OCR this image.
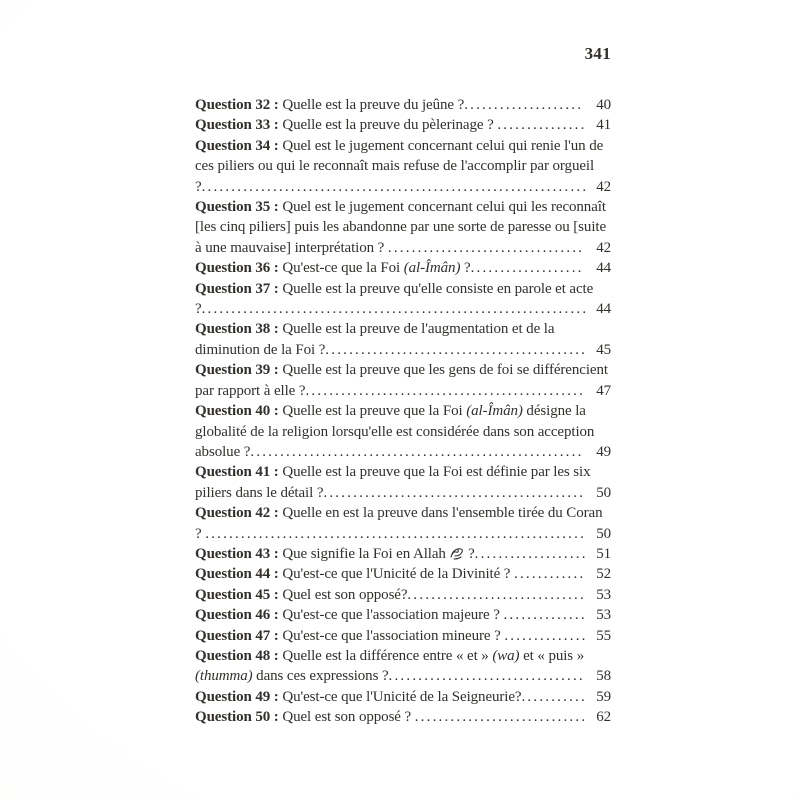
341

Question 32 : Quelle est la preuve du jeûne ?.................... 40

Question 33 : Quelle est la preuve du pèlerinage ? ............... 41

Question 34 : Quel est le jugement concernant celui qui renie l'un de ces piliers ou qui le reconnaît mais refuse de l'accomplir par orgueil ?................................................................. 42

Question 35 : Quel est le jugement concernant celui qui les reconnaît [les cinq piliers] puis les abandonne par une sorte de paresse ou [suite à une mauvaise] interprétation ? ................................. 42

Question 36 : Qu'est-ce que la Foi (al-Îmân) ?................... 44

Question 37 : Quelle est la preuve qu'elle consiste en parole et acte ?................................................................. 44

Question 38 : Quelle est la preuve de l'augmentation et de la diminution de la Foi ?............................................ 45

Question 39 : Quelle est la preuve que les gens de foi se différencient par rapport à elle ?............................................... 47

Question 40 : Quelle est la preuve que la Foi (al-Îmân) désigne la globalité de la religion lorsqu'elle est considérée dans son acception absolue ?........................................................ 49

Question 41 : Quelle est la preuve que la Foi est définie par les six piliers dans le détail ?............................................ 50

Question 42 : Quelle en est la preuve dans l'ensemble tirée du Coran ? ................................................................ 50

Question 43 : Que signifie la Foi en Allah  ?................... 51

Question 44 : Qu'est-ce que l'Unicité de la Divinité ? ............ 52

Question 45 : Quel est son opposé?.............................. 53

Question 46 : Qu'est-ce que l'association majeure ? .............. 53

Question 47 : Qu'est-ce que l'association mineure ? .............. 55

Question 48 : Quelle est la différence entre « et » (wa) et « puis » (thumma) dans ces expressions ?................................. 58

Question 49 : Qu'est-ce que l'Unicité de la Seigneurie?........... 59

Question 50 : Quel est son opposé ? ............................. 62
